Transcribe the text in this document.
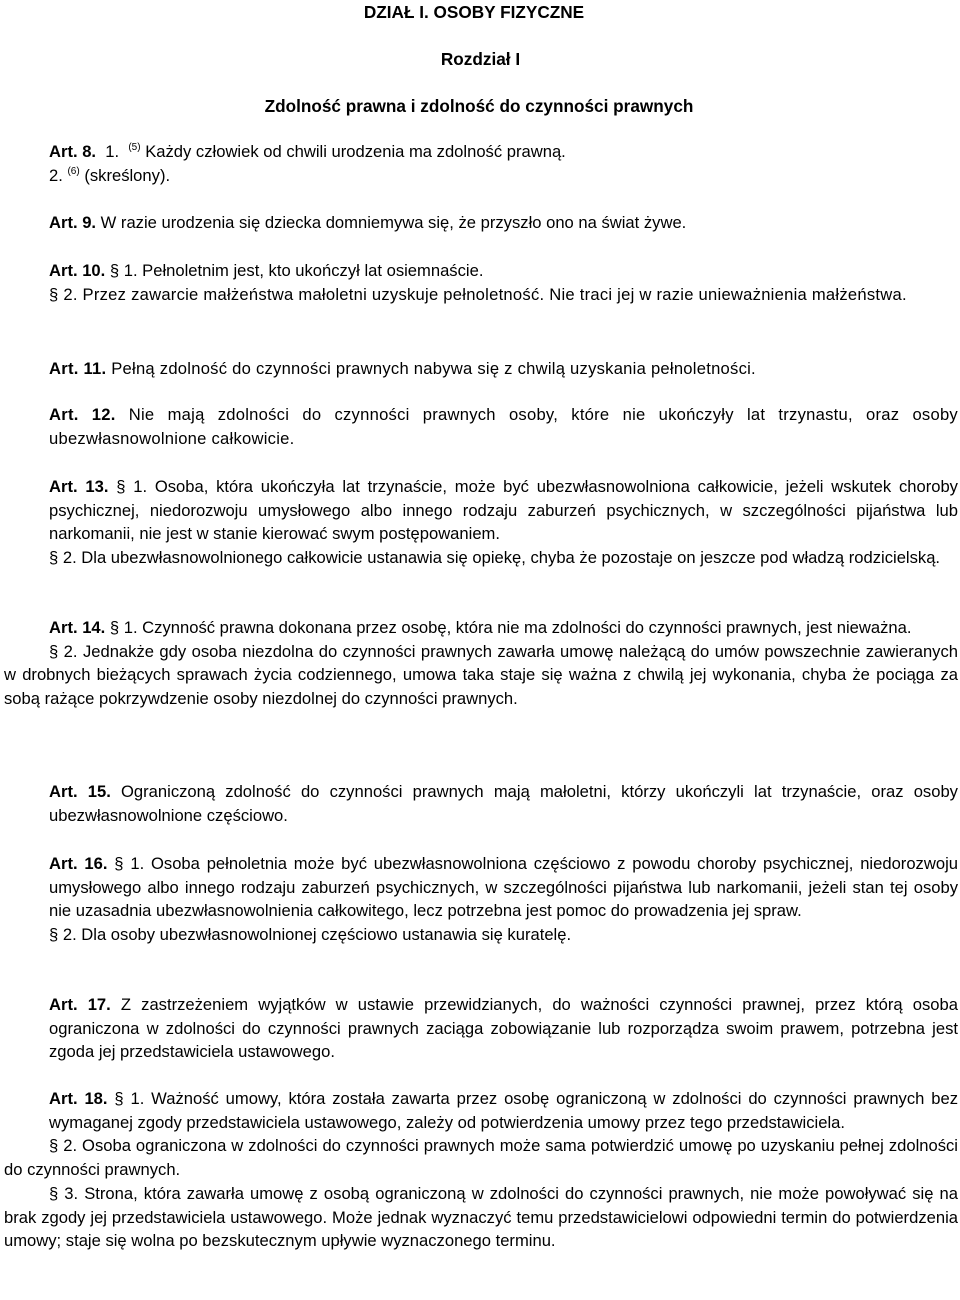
DZIAŁ I. OSOBY FIZYCZNE
Rozdział I
Zdolność prawna i zdolność do czynności prawnych

Art. 8. 1. $^{(5)}$ Każdy człowiek od chwili urodzenia ma zdolność prawną.

2. $^{(6)}$ (skreślony).

Art. 9. W razie urodzenia się dziecka domniemywa się, że przyszło ono na świat żywe.

Art. 10. § 1. Pełnoletnim jest, kto ukończył lat osiemnaście.

§ 2. Przez zawarcie małżeństwa małoletni uzyskuje pełnoletność. Nie traci jej w razie unieważnienia małżeństwa.

Art. 11. Pełną zdolność do czynności prawnych nabywa się z chwilą uzyskania pełnoletności.

Art. 12. Nie mają zdolności do czynności prawnych osoby, które nie ukończyły lat trzynastu, oraz osoby ubezwłasnowolnione całkowicie.

Art. 13. § 1. Osoba, która ukończyła lat trzynaście, może być ubezwłasnowolniona całkowicie, jeżeli wskutek choroby psychicznej, niedorozwoju umysłowego albo innego rodzaju zaburzeń psychicznych, w szczególności pijaństwa lub narkomanii, nie jest w stanie kierować swym postępowaniem.

§ 2. Dla ubezwłasnowolnionego całkowicie ustanawia się opiekę, chyba że pozostaje on jeszcze pod władzą rodzicielską.

Art. 14. § 1. Czynność prawna dokonana przez osobę, która nie ma zdolności do czynności prawnych, jest nieważna.

§ 2. Jednakże gdy osoba niezdolna do czynności prawnych zawarła umowę należącą do umów powszechnie zawieranych w drobnych bieżących sprawach życia codziennego, umowa taka staje się ważna z chwilą jej wykonania, chyba że pociąga za sobą rażące pokrzywdzenie osoby niezdolnej do czynności prawnych.

Art. 15. Ograniczoną zdolność do czynności prawnych mają małoletni, którzy ukończyli lat trzynaście, oraz osoby ubezwłasnowolnione częściowo.

Art. 16. § 1. Osoba pełnoletnia może być ubezwłasnowolniona częściowo z powodu choroby psychicznej, niedorozwoju umysłowego albo innego rodzaju zaburzeń psychicznych, w szczególności pijaństwa lub narkomanii, jeżeli stan tej osoby nie uzasadnia ubezwłasnowolnienia całkowitego, lecz potrzebna jest pomoc do prowadzenia jej spraw.

§ 2. Dla osoby ubezwłasnowolnionej częściowo ustanawia się kuratelę.

Art. 17. Z zastrzeżeniem wyjątków w ustawie przewidzianych, do ważności czynności prawnej, przez którą osoba ograniczona w zdolności do czynności prawnych zaciąga zobowiązanie lub rozporządza swoim prawem, potrzebna jest zgoda jej przedstawiciela ustawowego.

Art. 18. § 1. Ważność umowy, która została zawarta przez osobę ograniczoną w zdolności do czynności prawnych bez wymaganej zgody przedstawiciela ustawowego, zależy od potwierdzenia umowy przez tego przedstawiciela.

§ 2. Osoba ograniczona w zdolności do czynności prawnych może sama potwierdzić umowę po uzyskaniu pełnej zdolności do czynności prawnych.

§ 3. Strona, która zawarła umowę z osobą ograniczoną w zdolności do czynności prawnych, nie może powoływać się na brak zgody jej przedstawiciela ustawowego. Może jednak wyznaczyć temu przedstawicielowi odpowiedni termin do potwierdzenia umowy; staje się wolna po bezskutecznym upływie wyznaczonego terminu.
